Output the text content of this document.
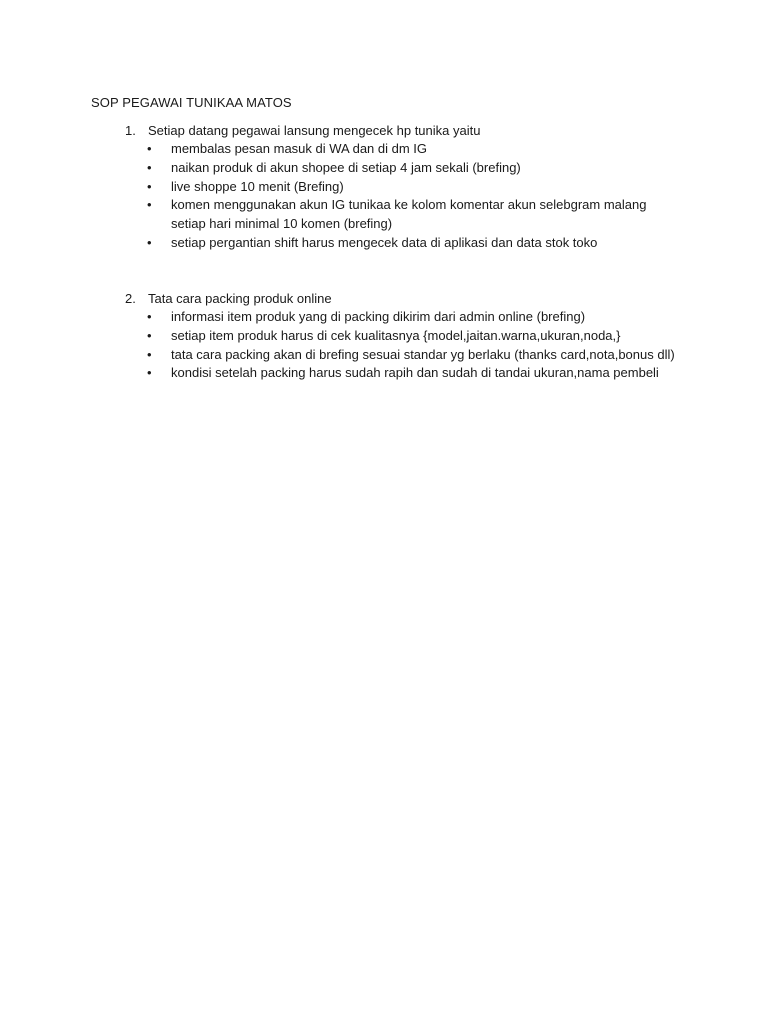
SOP PEGAWAI TUNIKAA MATOS
1. Setiap datang pegawai lansung mengecek hp tunika yaitu
• membalas pesan masuk di WA dan di dm IG
• naikan produk di akun shopee di setiap 4 jam sekali (brefing)
• live shoppe 10 menit (Brefing)
• komen menggunakan akun IG tunikaa ke kolom komentar akun selebgram malang setiap hari minimal 10 komen (brefing)
• setiap pergantian shift harus mengecek data di aplikasi dan data stok toko
2. Tata cara packing produk online
• informasi item produk yang di packing dikirim dari admin online (brefing)
• setiap item produk harus di cek kualitasnya {model,jaitan.warna,ukuran,noda,}
• tata cara packing akan di brefing sesuai standar yg berlaku (thanks card,nota,bonus dll)
• kondisi setelah packing harus sudah rapih dan sudah di tandai ukuran,nama pembeli
